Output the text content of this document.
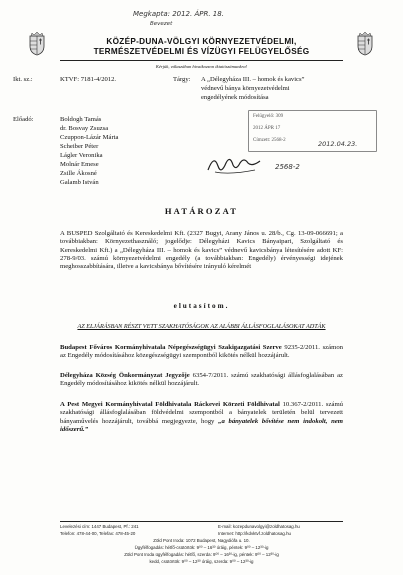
Megkapta: 2012. ÁPR. 18.
Bevezet
KÖZÉP-DUNA-VÖLGYI KÖRNYEZETVÉDELMI,
TERMÉSZETVÉDELMI ÉS VÍZÜGYI FELÜGYELŐSÉG
Kérjük, válaszában hivatkozzon iktatószámunkra!
Ikt. sz.:	KTVF: 7181-4/2012.	Tárgy: A „Délegyháza III. – homok és kavics”
védnevű bánya környezetvédelmi
engedélyének módosítása
Előadó:	Boldogh Tamás
dr. Bosvay Zsuzsa
Czuppon-Lázár Márta
Scheiber Péter
Lágler Veronika
Molnár Emese
Zsille Ákosné
Galamb István
Felügyelő: 309
2012 ÁPR 17
Címzett: 2568-2	2012.04.23.
2568-2
HATÁROZAT
A BUSPED Szolgáltató és Kereskedelmi Kft. (2327 Bugyi, Arany János u. 28/b., Cg. 13-09-066691; a továbbiakban: Környezethasználó; jogelődje: Délegyházi Kavics Bányaipari, Szolgáltató és Kereskedelmi Kft.) a „Délegyháza III. – homok és kavics” védnevű kavicsbánya létesítésére adott KF: 278-9/03. számú környezetvédelmi engedély (a továbbiakban: Engedély) érvényességi idejének meghosszabbítására, illetve a kavicsbánya bővítésére irányuló kérelmét
elutasítom.
AZ ELJÁRÁSBAN RÉSZT VETT SZAKHATÓSÁGOK AZ ALÁBBI ÁLLÁSFOGLALÁSOKAT ADTÁK
Budapest Főváros Kormányhivatala Népegészségügyi Szakigazgatási Szerve 9235-2/2011. számon az Engedély módosításához közegészségügyi szempontból kikötés nélkül hozzájárult.
Délegyháza Község Önkormányzat Jegyzője 6354-7/2011. számú szakhatósági állásfoglalásában az Engedély módosításához kikötés nélkül hozzájárult.
A Pest Megyei Kormányhivatal Földhivatala Ráckevei Körzeti Földhivatal 10.367-2/2011. számú szakhatósági állásfoglalásában földvédelmi szempontból a bányatelek területén belül tervezett bányaművelés hozzájárult, továbbá megjegyezte, hogy „a bányatelek bővítése nem indokolt, nem időszerű.”
Levelezési cím: 1447 Budapest, Pf.: 241	E-mail: kozepdunavolgyi@zoldhatosag.hu
Telefon: 478-44-00, Telefax: 478-45-20	Internet: http://kdvktvf.zoldhatosag.hu
Zöld Pont Iroda: 1072 Budapest, Nagydiófa u. 10.
Ügyfélfogadás: hétfő-csütörtök: 9⁰⁰ – 16³⁰ óráig, péntek: 9⁰⁰ – 12³⁰-ig
Zöld Pont Iroda ügyfélfogadás: hétfő, szerda: 9⁰⁰ – 16³⁰-ig, péntek: 9⁰⁰ – 12³⁰-ig
kedd, csütörtök: 9⁰⁰ – 12³⁰ óráig, szerda: 9⁰⁰ – 12³⁰-ig
